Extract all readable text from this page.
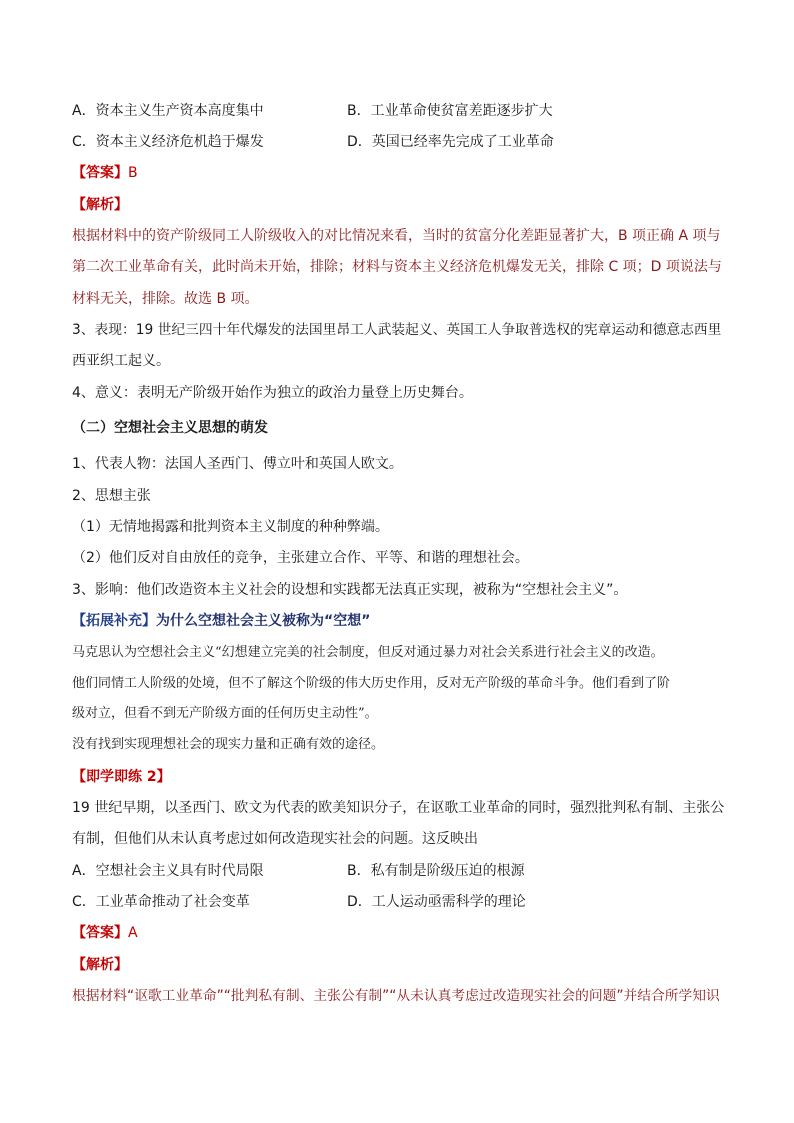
A．资本主义生产资本高度集中	B．工业革命使贫富差距逐步扩大
C．资本主义经济危机趋于爆发	D．英国已经率先完成了工业革命
【答案】B
【解析】
根据材料中的资产阶级同工人阶级收入的对比情况来看，当时的贫富分化差距显著扩大，B 项正确 A 项与
第二次工业革命有关，此时尚未开始，排除；材料与资本主义经济危机爆发无关，排除 C 项；D 项说法与
材料无关，排除。故选 B 项。
3、表现：19 世纪三四十年代爆发的法国里昂工人武装起义、英国工人争取普选权的宪章运动和德意志西里
西亚织工起义。
4、意义：表明无产阶级开始作为独立的政治力量登上历史舞台。
（二）空想社会主义思想的萌发
1、代表人物：法国人圣西门、傅立叶和英国人欧文。
2、思想主张
（1）无情地揭露和批判资本主义制度的种种弊端。
（2）他们反对自由放任的竞争，主张建立合作、平等、和谐的理想社会。
3、影响：他们改造资本主义社会的设想和实践都无法真正实现，被称为“空想社会主义”。
【拓展补充】为什么空想社会主义被称为“空想”
马克思认为空想社会主义“幻想建立完美的社会制度，但反对通过暴力对社会关系进行社会主义的改造。
他们同情工人阶级的处境，但不了解这个阶级的伟大历史作用，反对无产阶级的革命斗争。他们看到了阶
级对立，但看不到无产阶级方面的任何历史主动性”。
没有找到实现理想社会的现实力量和正确有效的途径。
【即学即练 2】
19 世纪早期，以圣西门、欧文为代表的欧美知识分子，在讴歌工业革命的同时，强烈批判私有制、主张公
有制，但他们从未认真考虑过如何改造现实社会的问题。这反映出
A．空想社会主义具有时代局限	B．私有制是阶级压迫的根源
C．工业革命推动了社会变革	D．工人运动亟需科学的理论
【答案】A
【解析】
根据材料“讴歌工业革命”“批判私有制、主张公有制”“从未认真考虑过改造现实社会的问题”并结合所学知识
